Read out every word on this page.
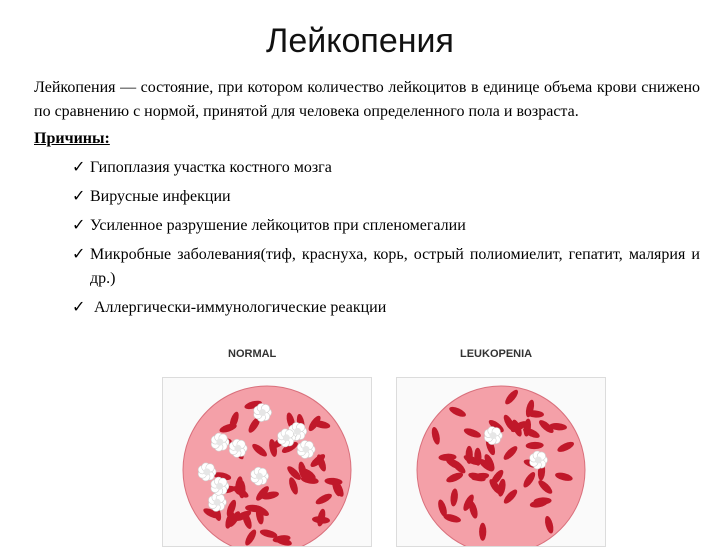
Лейкопения

Лейкопения — состояние, при котором количество лейкоцитов в единице объема крови снижено по сравнению с нормой, принятой для человека определенного пола и возраста.

Причины:
✓ Гипоплазия участка костного мозга
✓ Вирусные инфекции
✓ Усиленное разрушение лейкоцитов при спленомегалии
✓ Микробные заболевания(тиф, краснуха, корь, острый полиомиелит, гепатит, малярия и др.)
✓ Аллергически-иммунологические реакции
NORMAL	LEUKOPENIA
